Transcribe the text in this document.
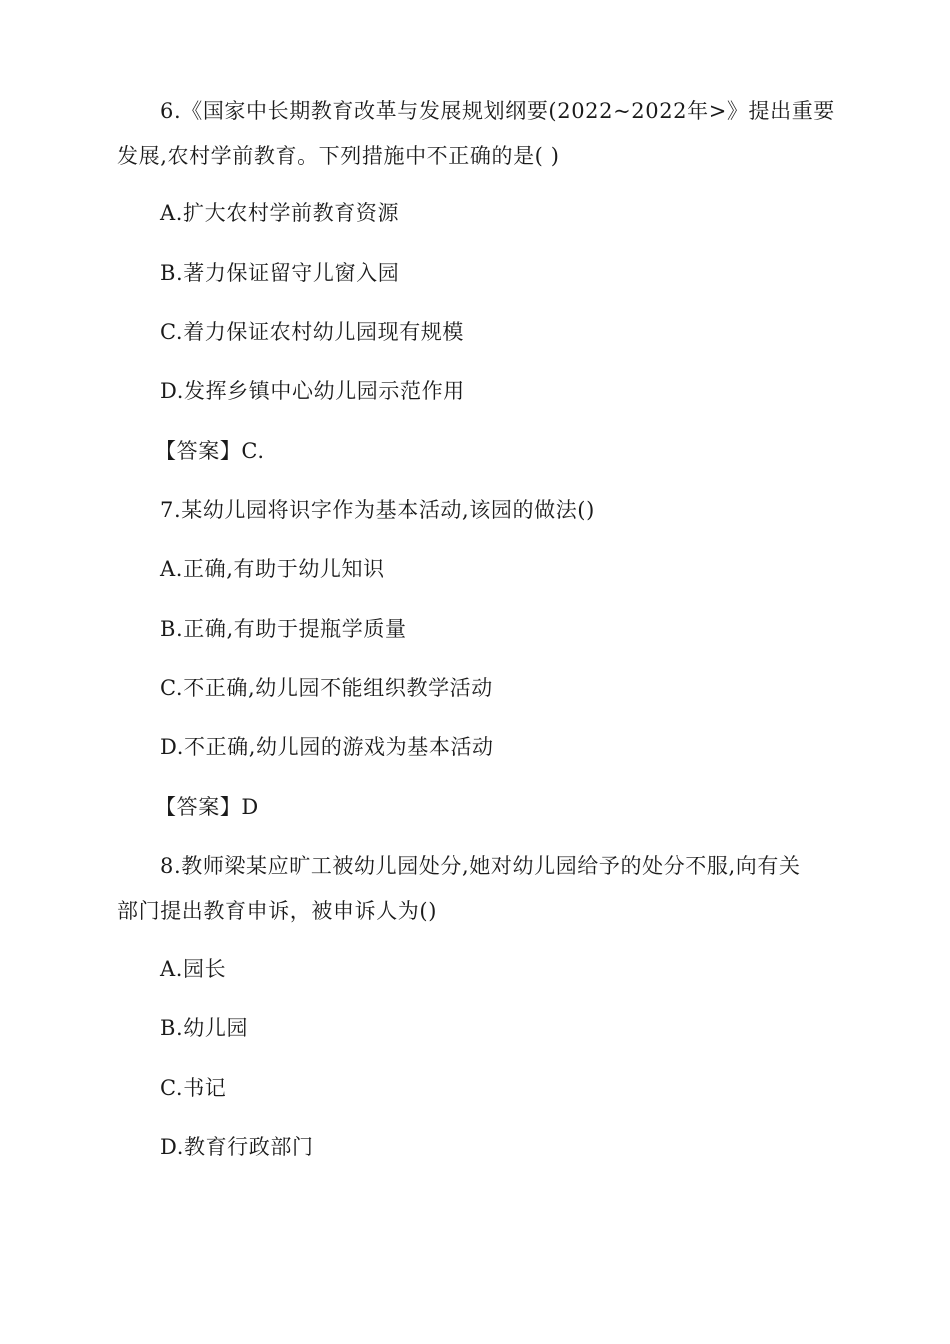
6.《国家中长期教育改革与发展规划纲要(2022~2022年>》提出重要
发展,农村学前教育。下列措施中不正确的是( )
A.扩大农村学前教育资源
B.著力保证留守儿窗入园
C.着力保证农村幼儿园现有规模
D.发挥乡镇中心幼儿园示范作用
【答案】C.
7.某幼儿园将识字作为基本活动,该园的做法()
A.正确,有助于幼儿知识
B.正确,有助于提瓶学质量
C.不正确,幼儿园不能组织教学活动
D.不正确,幼儿园的游戏为基本活动
【答案】D
8.教师梁某应旷工被幼儿园处分,她对幼儿园给予的处分不服,向有关
部门提出教育申诉，被申诉人为()
A.园长
B.幼儿园
C.书记
D.教育行政部门
